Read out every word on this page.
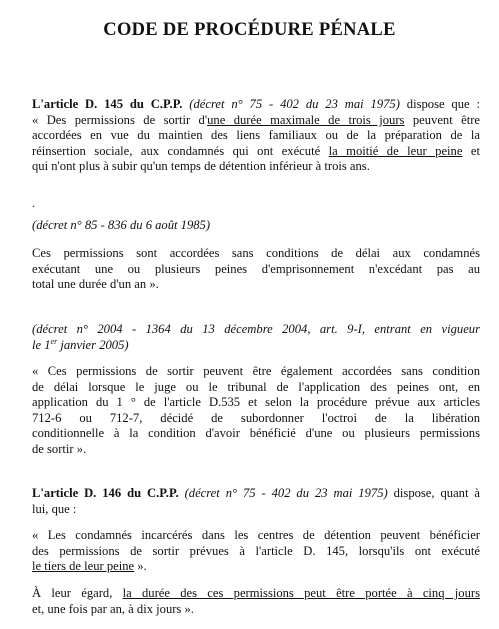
CODE DE PROCÉDURE PÉNALE
L'article D. 145 du C.P.P. (décret n° 75 - 402 du 23 mai 1975) dispose que :
« Des permissions de sortir d'une durée maximale de trois jours peuvent être
accordées en vue du maintien des liens familiaux ou de la préparation de la
réinsertion sociale, aux condamnés qui ont exécuté la moitié de leur peine et
qui n'ont plus à subir qu'un temps de détention inférieur à trois ans.
.
(décret n° 85 - 836 du 6 août 1985)
Ces permissions sont accordées sans conditions de délai aux condamnés
exécutant une ou plusieurs peines d'emprisonnement n'excédant pas au
total une durée d'un an ».
(décret n° 2004 - 1364 du 13 décembre 2004, art. 9-I, entrant en vigueur
le 1er janvier 2005)
« Ces permissions de sortir peuvent être également accordées sans condition
de délai lorsque le juge ou le tribunal de l'application des peines ont, en
application du 1 ° de l'article D.535 et selon la procédure prévue aux articles
712-6 ou 712-7, décidé de subordonner l'octroi de la libération
conditionnelle à la condition d'avoir bénéficié d'une ou plusieurs permissions
de sortir ».
L'article D. 146 du C.P.P. (décret n° 75 - 402 du 23 mai 1975) dispose, quant à
lui, que :
« Les condamnés incarcérés dans les centres de détention peuvent bénéficier
des permissions de sortir prévues à l'article D. 145, lorsqu'ils ont exécuté
le tiers de leur peine ».
À leur égard, la durée des ces permissions peut être portée à cinq jours
et, une fois par an, à dix jours ».
